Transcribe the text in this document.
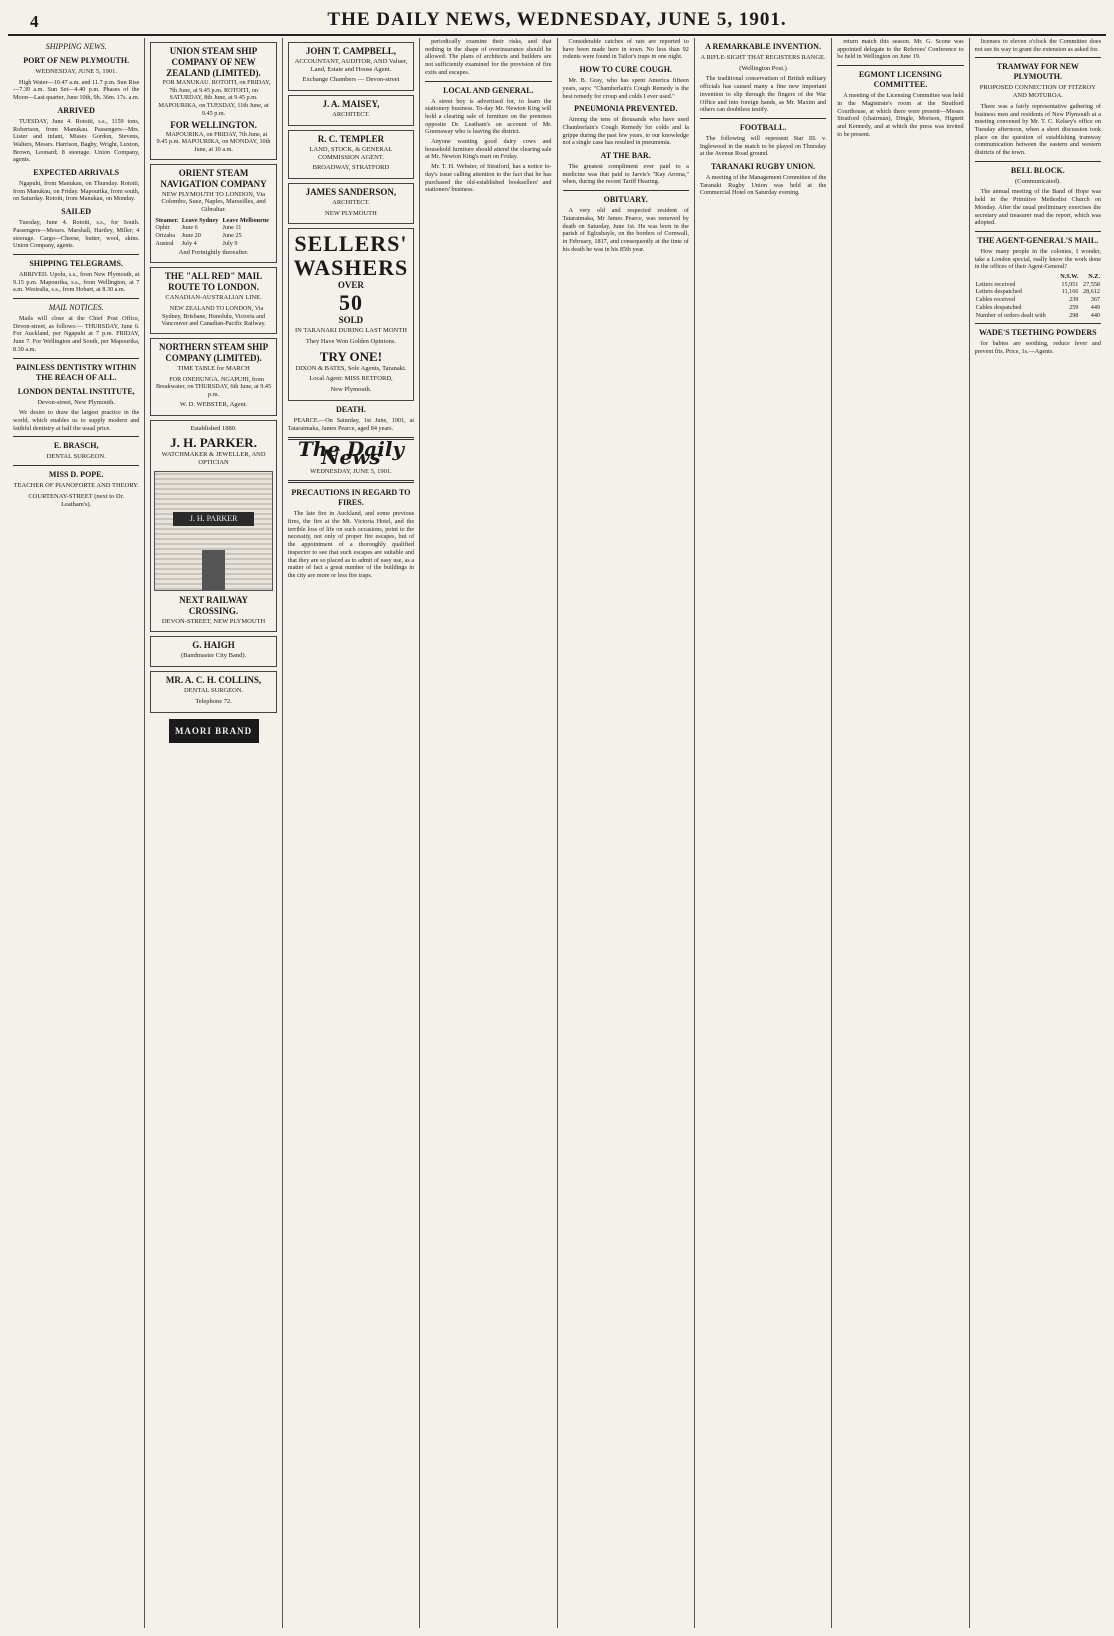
4	THE DAILY NEWS, WEDNESDAY, JUNE 5, 1901.
SHIPPING NEWS.
PORT OF NEW PLYMOUTH.
WEDNESDAY, JUNE 5, 1901.

High Water—10.47 a.m. and 11.7 p.m. Sun Rise—7.30 a.m. Sun Set—4.40 p.m. Phases of the Moon—Last quarter, June 10th, 9h. 36m. 17s. a.m.

ARRIVED

TUESDAY, June 4. Rotoiti, s.s., 1159 tons, Robertson, from Manukau. Passengers—Mrs. Lister and infant, Misses Gordon, Stevens, Walters, Messrs. Harrison, Bagby, Wright, Luxton, Brown, Leonard; 8 steerage. Union Company, agents.

EXPECTED ARRIVALS

Ngapuhi, from Manukau, on Thursday. Rotoiti, from Manukau, on Friday. Mapourika, from south, on Saturday. Rotoiti, from Manukau, on Monday.

SAILED

Tuesday, June 4. Rotoiti, s.s., for South. Passengers—Messrs. Marshall, Hartley, Miller; 4 steerage. Cargo—Cheese, butter, wool, skins. Union Company, agents.

SHIPPING TELEGRAMS.

ARRIVED. Upolu, s.s., from New Plymouth, at 9.15 p.m. Mapourika, s.s., from Wellington, at 7 a.m. Westralia, s.s., from Hobart, at 8.30 a.m.

MAIL NOTICES.

Mails will close at the Chief Post Office, Devon-street, as follows:— THURSDAY, June 6. For Auckland, per Ngapuhi at 7 p.m. FRIDAY, June 7. For Wellington and South, per Mapourika, 8.30 a.m.

PAINLESS DENTISTRY WITHIN THE REACH OF ALL.
LONDON DENTAL INSTITUTE,
Devon-street, New Plymouth.

We desire to draw the largest practice in the world, which enables us to supply modern and faithful dentistry at half the usual price.

E. BRASCH,
DENTAL SURGEON.
MISS D. POPE.
TEACHER OF PIANOFORTE AND THEORY.
COURTENAY-STREET (next to Dr. Leatham's).
UNION STEAM SHIP COMPANY OF NEW ZEALAND (LIMITED).

FOR MANUKAU. ROTOITI, on FRIDAY, 7th June, at 9.45 p.m. ROTOITI, on SATURDAY, 8th June, at 9.45 p.m. MAPOURIKA, on TUESDAY, 11th June, at 9.45 p.m.

FOR WELLINGTON.

MAPOURIKA, on FRIDAY, 7th June, at 9.45 p.m. MAPOURIKA, on MONDAY, 10th June, at 10 a.m.

ORIENT STEAM NAVIGATION COMPANY
NEW PLYMOUTH TO LONDON, Via Colombo, Suez, Naples, Marseilles, and Gibraltar.
Steamer.	Leave Sydney	Leave Melbourne
Ophir	June 6	June 11
Orizaba	June 20	June 25
Austral	July 4	July 9
And Fortnightly thereafter.
THE "ALL RED" MAIL ROUTE TO LONDON.
CANADIAN-AUSTRALIAN LINE.

NEW ZEALAND TO LONDON, Via Sydney, Brisbane, Honolulu, Victoria and Vancouver and Canadian-Pacific Railway.

NORTHERN STEAM SHIP COMPANY (LIMITED).
TIME TABLE for MARCH

FOR ONEHUNGA. NGAPUHI, from Breakwater, on THURSDAY, 6th June, at 9.45 p.m.

W. D. WEBSTER, Agent.
Established 1880.
J. H. PARKER.
WATCHMAKER & JEWELLER, AND OPTICIAN
J. H. PARKER
NEXT RAILWAY CROSSING.
DEVON-STREET, NEW PLYMOUTH
G. HAIGH
(Bandmaster City Band).
MR. A. C. H. COLLINS,
DENTAL SURGEON.
Telephone 72.
MAORI BRAND
JOHN T. CAMPBELL,
ACCOUNTANT, AUDITOR, AND Valuer, Land, Estate and House Agent.
Exchange Chambers — Devon-street
J. A. MAISEY,
ARCHITECT.
R. C. TEMPLER
LAND, STOCK, & GENERAL COMMISSION AGENT.
BROADWAY, STRATFORD
JAMES SANDERSON,
ARCHITECT.
NEW PLYMOUTH
SELLERS'
WASHERS
OVER
50
SOLD
IN TARANAKI DURING LAST MONTH
They Have Won Golden Opinions.
TRY ONE!
DIXON & BATES, Sole Agents, Taranaki.
Local Agent: MISS RETFORD,
New Plymouth.
DEATH.

PEARCE.—On Saturday, 1st June, 1901, at Tataraimaka, James Pearce, aged 84 years.

The Daily News
WEDNESDAY, JUNE 5, 1901.
PRECAUTIONS IN REGARD TO FIRES.

The late fire in Auckland, and some previous fires, the fire at the Mt. Victoria Hotel, and the terrible loss of life on such occasions, point to the necessity, not only of proper fire escapes, but of the appointment of a thoroughly qualified inspector to see that such escapes are suitable and that they are so placed as to admit of easy use, as a matter of fact a great number of the buildings in the city are more or less fire traps.

periodically examine their risks, and that nothing in the shape of overinsurance should be allowed. The plans of architects and builders are not sufficiently examined for the provision of fire exits and escapes.

LOCAL AND GENERAL.

A street boy is advertised for, to learn the stationery business. To-day Mr. Newton King will hold a clearing sale of furniture on the premises opposite Dr. Leatham's on account of Mr. Greenaway who is leaving the district.

Anyone wanting good dairy cows and household furniture should attend the clearing sale at Mr. Newton King's mart on Friday.

Mr. T. H. Webster, of Stratford, has a notice to-day's issue calling attention to the fact that he has purchased the old-established booksellers' and stationers' business.

Considerable catches of rats are reported to have been made here in town. No less than 92 rodents were found in Tailor's traps in one night.

HOW TO CURE COUGH.

Mr. B. Gray, who has spent America fifteen years, says: "Chamberlain's Cough Remedy is the best remedy for croup and colds I ever used."

PNEUMONIA PREVENTED.

Among the tens of thousands who have used Chamberlain's Cough Remedy for colds and la grippe during the past few years, to our knowledge not a single case has resulted in pneumonia.

AT THE BAR.

The greatest compliment ever paid to a medicine was that paid to Jarvis's "Kay Aroma," when, during the recent Tariff Hearing.

OBITUARY.

A very old and respected resident of Tataraimaka, Mr James Pearce, was removed by death on Saturday, June 1st. He was born in the parish of Egloshayle, on the borders of Cornwall, in February, 1817, and consequently at the time of his death he was in his 85th year.

A REMARKABLE INVENTION.
A RIFLE-SIGHT THAT REGISTERS RANGE.
(Wellington Post.)

The traditional conservatism of British military officials has caused many a fine new important invention to slip through the fingers of the War Office and into foreign hands, as Mr. Maxim and others can doubtless testify.

FOOTBALL.

The following will represent Star III. v. Inglewood in the match to be played on Thursday at the Avenue Road ground.

TARANAKI RUGBY UNION.

A meeting of the Management Committee of the Taranaki Rugby Union was held at the Commercial Hotel on Saturday evening.

return match this season. Mr. G. Scone was appointed delegate to the Referees' Conference to be held in Wellington on June 19.

EGMONT LICENSING COMMITTEE.

A meeting of the Licensing Committee was held in the Magistrate's room at the Stratford Courthouse, at which there were present—Messrs Stratford (chairman), Dingle, Morison, Hignett and Kennedy, and at which the press was invited to be present.

licenses to eleven o'clock the Committee does not see its way to grant the extension as asked for.

TRAMWAY FOR NEW PLYMOUTH.
PROPOSED CONNECTION OF FITZROY AND MOTUROA.

There was a fairly representative gathering of business men and residents of New Plymouth at a meeting convened by Mr. T. C. Kelsey's office on Tuesday afternoon, when a short discussion took place on the question of establishing tramway communication between the eastern and western districts of the town.

BELL BLOCK.
(Communicated).

The annual meeting of the Band of Hope was held in the Primitive Methodist Church on Monday. After the usual preliminary exercises the secretary and treasurer read the report, which was adopted.

THE AGENT-GENERAL'S MAIL.

How many people in the colonies, I wonder, take a London special, really know the work done in the offices of their Agent-General?

	N.S.W.	N.Z.
Letters received	15,951	27,558
Letters despatched	11,166	28,612
Cables received	239	367
Cables despatched	259	449
Number of orders dealt with	298	440
WADE'S TEETHING POWDERS

for babies are soothing, reduce fever and prevent fits. Price, 1s.—Agents.
